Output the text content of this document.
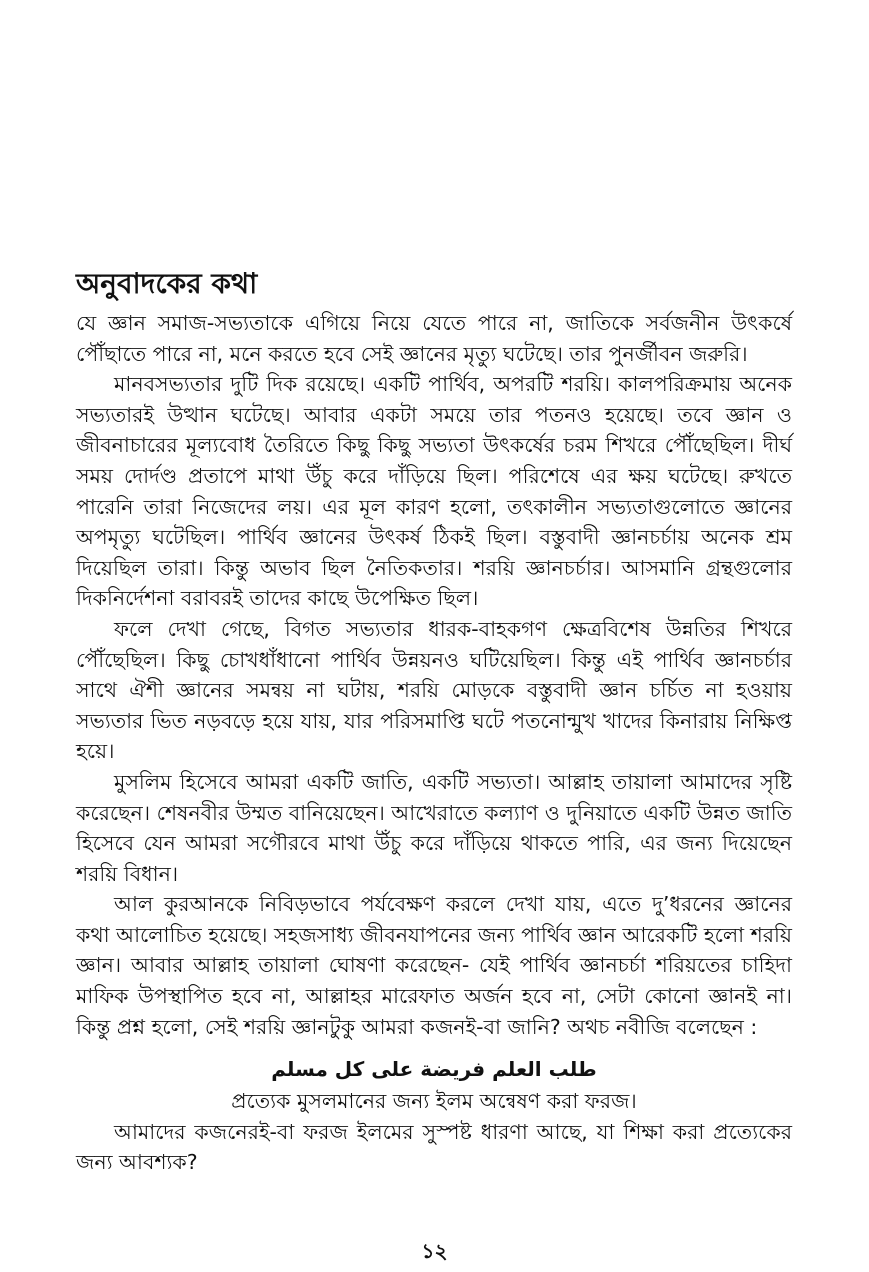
অনুবাদকের কথা

যে জ্ঞান সমাজ-সভ্যতাকে এগিয়ে নিয়ে যেতে পারে না, জাতিকে সর্বজনীন উৎকর্ষে পৌঁছাতে পারে না, মনে করতে হবে সেই জ্ঞানের মৃত্যু ঘটেছে। তার পুনর্জীবন জরুরি।

মানবসভ্যতার দুটি দিক রয়েছে। একটি পার্থিব, অপরটি শরয়ি। কালপরিক্রমায় অনেক সভ্যতারই উত্থান ঘটেছে। আবার একটা সময়ে তার পতনও হয়েছে। তবে জ্ঞান ও জীবনাচারের মূল্যবোধ তৈরিতে কিছু কিছু সভ্যতা উৎকর্ষের চরম শিখরে পৌঁছেছিল। দীর্ঘ সময় দোর্দণ্ড প্রতাপে মাথা উঁচু করে দাঁড়িয়ে ছিল। পরিশেষে এর ক্ষয় ঘটেছে। রুখতে পারেনি তারা নিজেদের লয়। এর মূল কারণ হলো, তৎকালীন সভ্যতাগুলোতে জ্ঞানের অপমৃত্যু ঘটেছিল। পার্থিব জ্ঞানের উৎকর্ষ ঠিকই ছিল। বস্তুবাদী জ্ঞানচর্চায় অনেক শ্রম দিয়েছিল তারা। কিন্তু অভাব ছিল নৈতিকতার। শরয়ি জ্ঞানচর্চার। আসমানি গ্রন্থগুলোর দিকনির্দেশনা বরাবরই তাদের কাছে উপেক্ষিত ছিল।

ফলে দেখা গেছে, বিগত সভ্যতার ধারক-বাহকগণ ক্ষেত্রবিশেষ উন্নতির শিখরে পৌঁছেছিল। কিছু চোখধাঁধানো পার্থিব উন্নয়নও ঘটিয়েছিল। কিন্তু এই পার্থিব জ্ঞানচর্চার সাথে ঐশী জ্ঞানের সমন্বয় না ঘটায়, শরয়ি মোড়কে বস্তুবাদী জ্ঞান চর্চিত না হওয়ায় সভ্যতার ভিত নড়বড়ে হয়ে যায়, যার পরিসমাপ্তি ঘটে পতনোন্মুখ খাদের কিনারায় নিক্ষিপ্ত হয়ে।

মুসলিম হিসেবে আমরা একটি জাতি, একটি সভ্যতা। আল্লাহ তায়ালা আমাদের সৃষ্টি করেছেন। শেষনবীর উম্মত বানিয়েছেন। আখেরাতে কল্যাণ ও দুনিয়াতে একটি উন্নত জাতি হিসেবে যেন আমরা সগৌরবে মাথা উঁচু করে দাঁড়িয়ে থাকতে পারি, এর জন্য দিয়েছেন শরয়ি বিধান।

আল কুরআনকে নিবিড়ভাবে পর্যবেক্ষণ করলে দেখা যায়, এতে দু’ধরনের জ্ঞানের কথা আলোচিত হয়েছে। সহজসাধ্য জীবনযাপনের জন্য পার্থিব জ্ঞান আরেকটি হলো শরয়ি জ্ঞান। আবার আল্লাহ তায়ালা ঘোষণা করেছেন- যেই পার্থিব জ্ঞানচর্চা শরিয়তের চাহিদা মাফিক উপস্থাপিত হবে না, আল্লাহর মারেফাত অর্জন হবে না, সেটা কোনো জ্ঞানই না। কিন্তু প্রশ্ন হলো, সেই শরয়ি জ্ঞানটুকু আমরা কজনই-বা জানি? অথচ নবীজি বলেছেন :

طلب العلم فريضة على كل مسلم

প্রত্যেক মুসলমানের জন্য ইলম অন্বেষণ করা ফরজ।

আমাদের কজনেরই-বা ফরজ ইলমের সুস্পষ্ট ধারণা আছে, যা শিক্ষা করা প্রত্যেকের জন্য আবশ্যক?

১২
